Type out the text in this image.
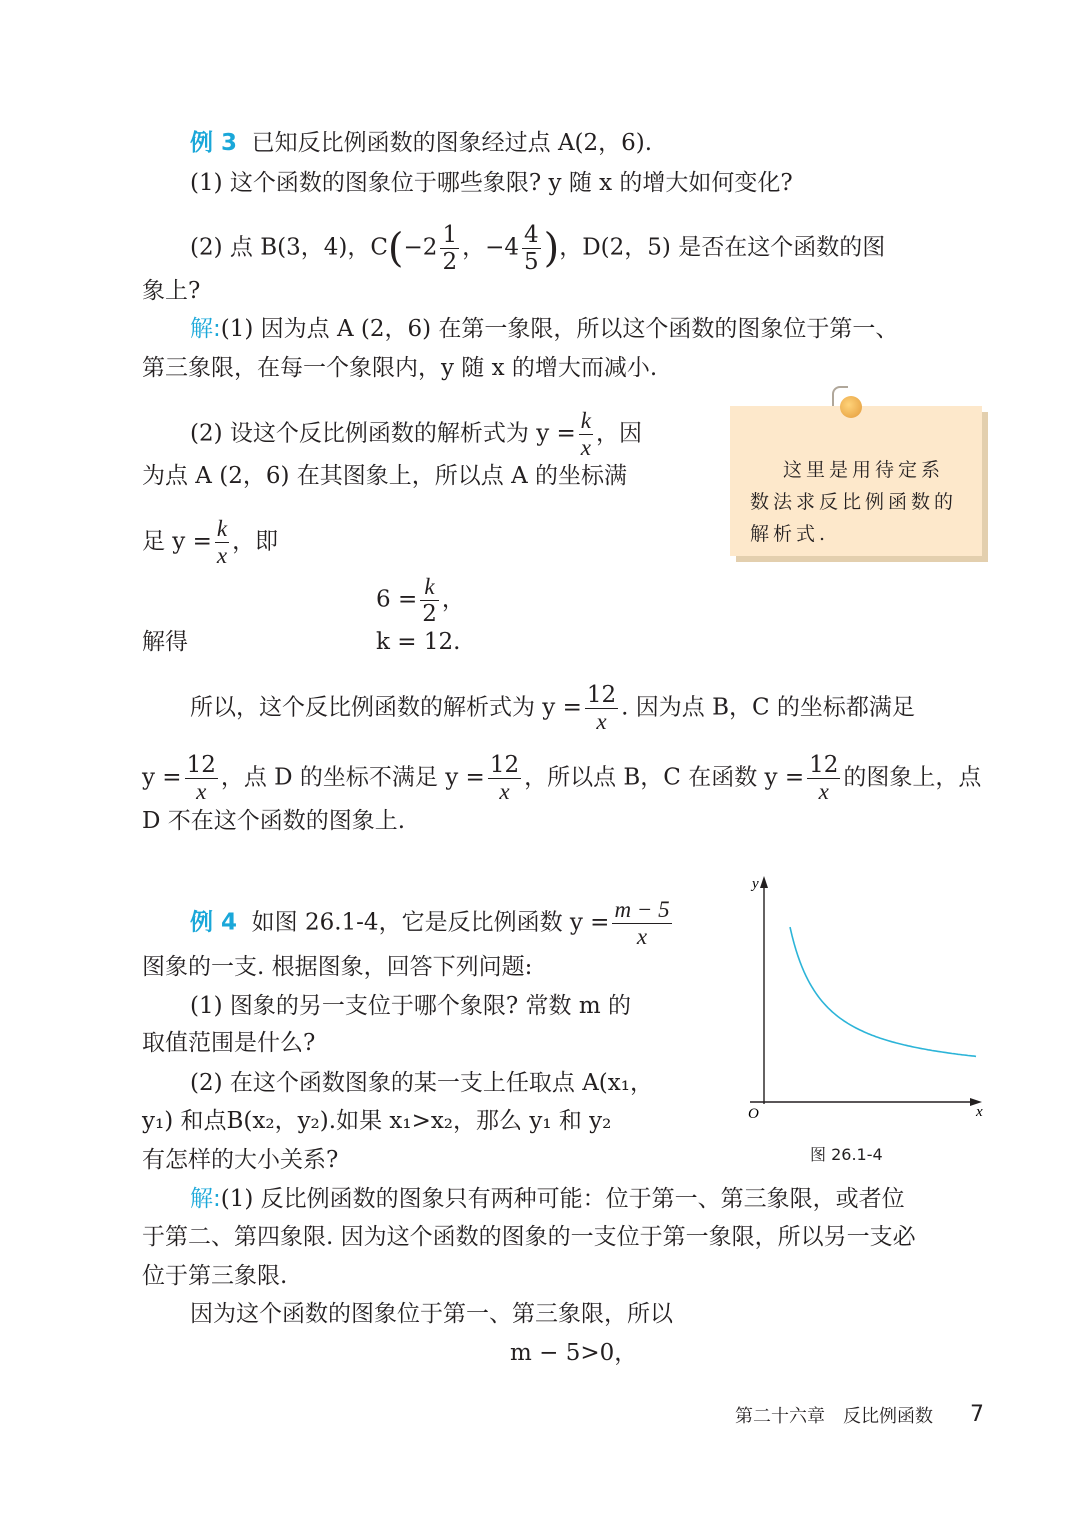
例 3 已知反比例函数的图象经过点 A(2，6).
(1) 这个函数的图象位于哪些象限? y 随 x 的增大如何变化?
(2) 点 B(3，4)，$C(-2 \frac{1}{2}$ ，$-4 \frac{4}{5}$ )，D(2，5) 是否在这个函数的图
象上?
解:(1) 因为点 A (2，6) 在第一象限，所以这个函数的图象位于第一、
第三象限，在每一个象限内，y 随 x 的增大而减小.
(2) 设这个反比例函数的解析式为 $y = \frac{k}{x}$ ，因
为点 A (2，6) 在其图象上，所以点 A 的坐标满
足 $y = \frac{k}{x}$ ，即
$6 = \frac{k}{2}$ ，
解得	k = 12.
所以，这个反比例函数的解析式为 $y = \frac{12}{x}$ . 因为点 B，C 的坐标都满足
$y = \frac{12}{x}$ ，点 D 的坐标不满足 $y = \frac{12}{x}$ ，所以点 B，C 在函数 $y = \frac{12}{x}$ 的图象上，点
D 不在这个函数的图象上.
　 这里是用待定系
数法求反比例函数的
解析式.
例 4 如图 26.1-4，它是反比例函数 $y = \frac{m - 5}{x}$
图象的一支. 根据图象，回答下列问题:
(1) 图象的另一支位于哪个象限? 常数 m 的
取值范围是什么?
(2) 在这个函数图象的某一支上任取点 A(x₁，
y₁) 和点B(x₂，y₂).如果 x₁>x₂，那么 y₁ 和 y₂
有怎样的大小关系?
解:(1) 反比例函数的图象只有两种可能：位于第一、第三象限，或者位
于第二、第四象限. 因为这个函数的图象的一支位于第一象限，所以另一支必
位于第三象限.
因为这个函数的图象位于第一、第三象限，所以
m − 5>0，
y
x
O
图 26.1-4
第二十六章　反比例函数 7
